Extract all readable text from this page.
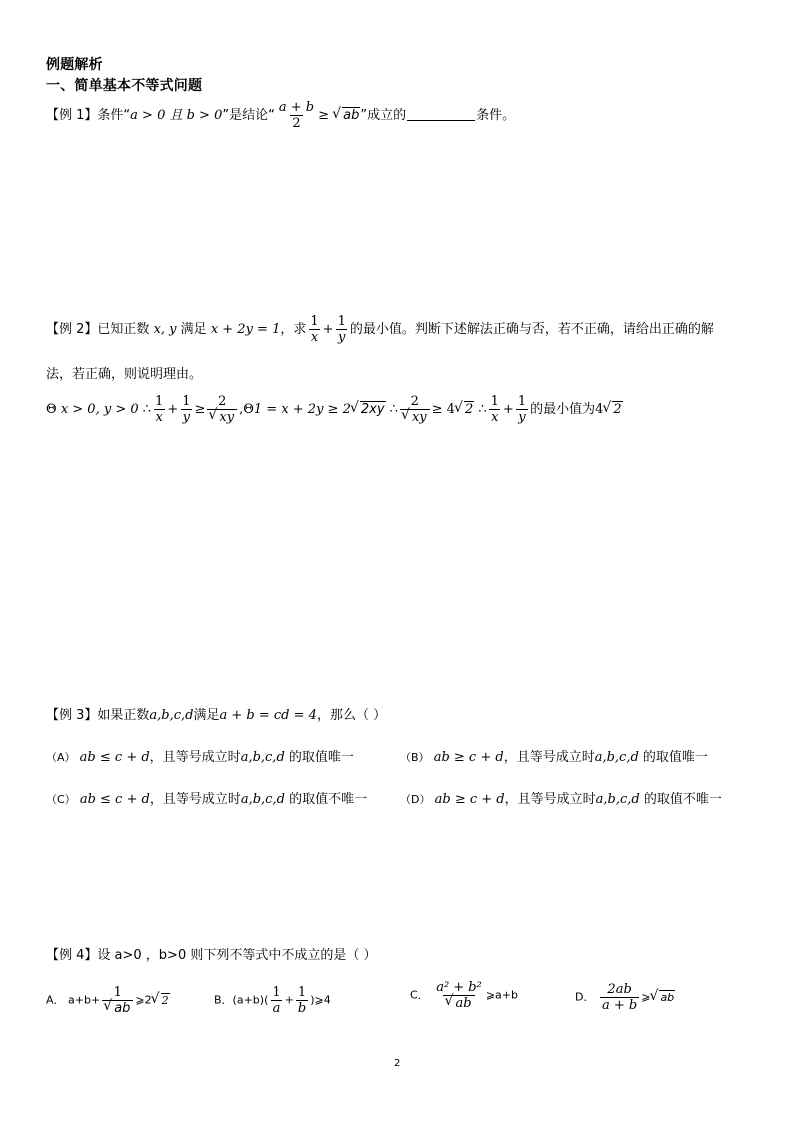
例题解析
一、简单基本不等式问题
【例 1】条件“a > 0 且 b > 0”是结论“ $\frac{a + b}{2}$ ≥ √ ab”成立的	条件。
【例 2】已知正数 x, y 满足 x + 2y = 1，求 $\frac{1}{x} + \frac{1}{y}$ 的最小值。判断下述解法正确与否，若不正确，请给出正确的解
法，若正确，则说明理由。
Θ x > 0, y > 0 ∴ $\frac{1}{x} + \frac{1}{y} \ge 2$
√ xy ,Θ1 = x + 2y ≥ 2 √ 2xy ∴ 2
√ xy ≥ 4 √ 2 ∴ $\frac{1}{x} + \frac{1}{y}$ 的最小值为4 √ 2
【例 3】如果正数a,b,c,d满足a + b = cd = 4，那么（ ）
（A） ab ≤ c + d，且等号成立时a,b,c,d 的取值唯一	（B） ab ≥ c + d，且等号成立时a,b,c,d 的取值唯一
（C） ab ≤ c + d，且等号成立时a,b,c,d 的取值不唯一	（D） ab ≥ c + d，且等号成立时a,b,c,d 的取值不唯一
【例 4】设 a>0 ，b>0 则下列不等式中不成立的是（ ）
A． a+b+ 1
√ ab ⩾2 √ 2	B．$(a+b)( \frac{1}{a} + \frac{1}{b}$ )⩾4	C． a² + b²
√ ab ⩾a+b	D． $\frac{2ab}{a + b}$ ⩾ √ ab
2
